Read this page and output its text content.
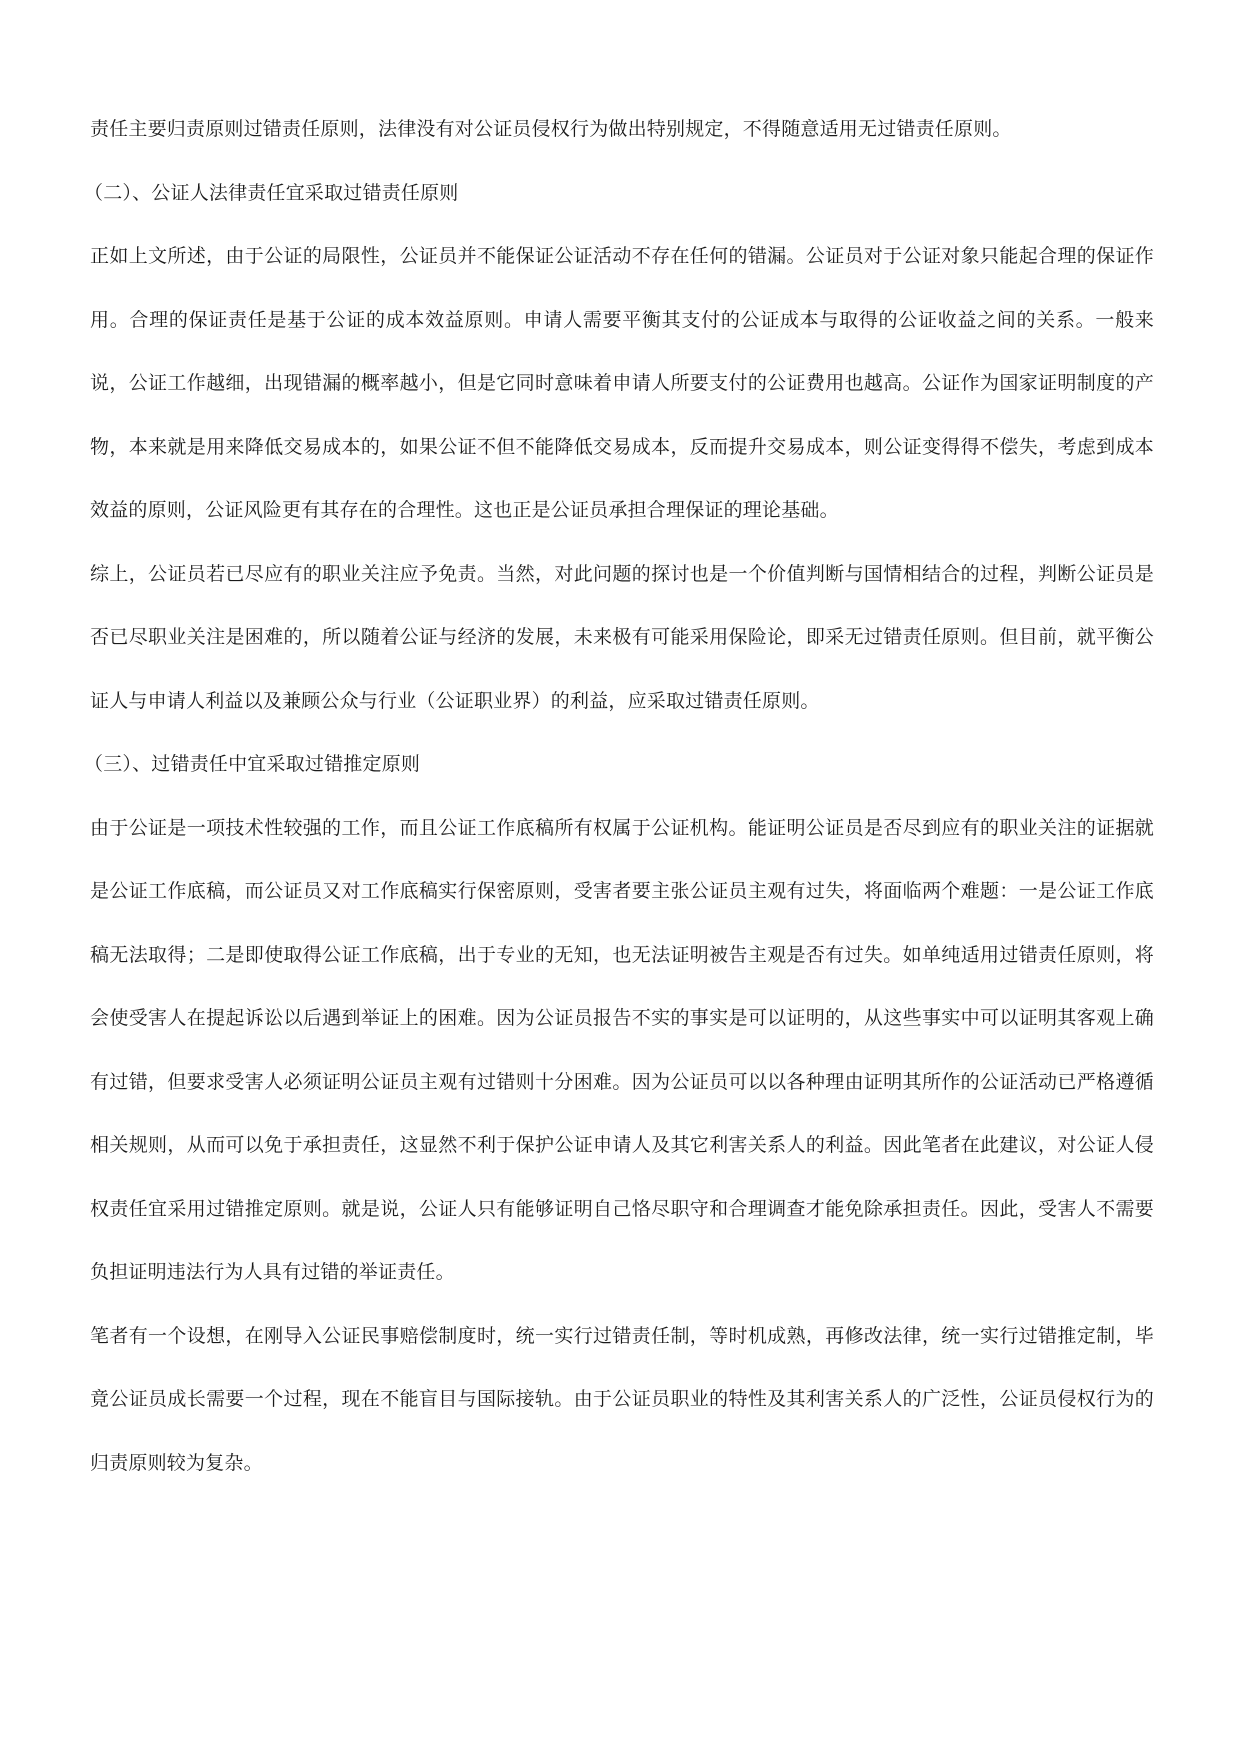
责任主要归责原则过错责任原则，法律没有对公证员侵权行为做出特别规定，不得随意适用无过错责任原则。

（二）、公证人法律责任宜采取过错责任原则

正如上文所述，由于公证的局限性，公证员并不能保证公证活动不存在任何的错漏。公证员对于公证对象只能起合理的保证作用。合理的保证责任是基于公证的成本效益原则。申请人需要平衡其支付的公证成本与取得的公证收益之间的关系。一般来说，公证工作越细，出现错漏的概率越小，但是它同时意味着申请人所要支付的公证费用也越高。公证作为国家证明制度的产物，本来就是用来降低交易成本的，如果公证不但不能降低交易成本，反而提升交易成本，则公证变得得不偿失，考虑到成本效益的原则，公证风险更有其存在的合理性。这也正是公证员承担合理保证的理论基础。

综上，公证员若已尽应有的职业关注应予免责。当然，对此问题的探讨也是一个价值判断与国情相结合的过程，判断公证员是否已尽职业关注是困难的，所以随着公证与经济的发展，未来极有可能采用保险论，即采无过错责任原则。但目前，就平衡公证人与申请人利益以及兼顾公众与行业（公证职业界）的利益，应采取过错责任原则。

（三）、过错责任中宜采取过错推定原则

由于公证是一项技术性较强的工作，而且公证工作底稿所有权属于公证机构。能证明公证员是否尽到应有的职业关注的证据就是公证工作底稿，而公证员又对工作底稿实行保密原则，受害者要主张公证员主观有过失，将面临两个难题：一是公证工作底稿无法取得；二是即使取得公证工作底稿，出于专业的无知，也无法证明被告主观是否有过失。如单纯适用过错责任原则，将会使受害人在提起诉讼以后遇到举证上的困难。因为公证员报告不实的事实是可以证明的，从这些事实中可以证明其客观上确有过错，但要求受害人必须证明公证员主观有过错则十分困难。因为公证员可以以各种理由证明其所作的公证活动已严格遵循相关规则，从而可以免于承担责任，这显然不利于保护公证申请人及其它利害关系人的利益。因此笔者在此建议，对公证人侵权责任宜采用过错推定原则。就是说，公证人只有能够证明自己恪尽职守和合理调查才能免除承担责任。因此，受害人不需要负担证明违法行为人具有过错的举证责任。

笔者有一个设想，在刚导入公证民事赔偿制度时，统一实行过错责任制，等时机成熟，再修改法律，统一实行过错推定制，毕竟公证员成长需要一个过程，现在不能盲目与国际接轨。由于公证员职业的特性及其利害关系人的广泛性，公证员侵权行为的归责原则较为复杂。
